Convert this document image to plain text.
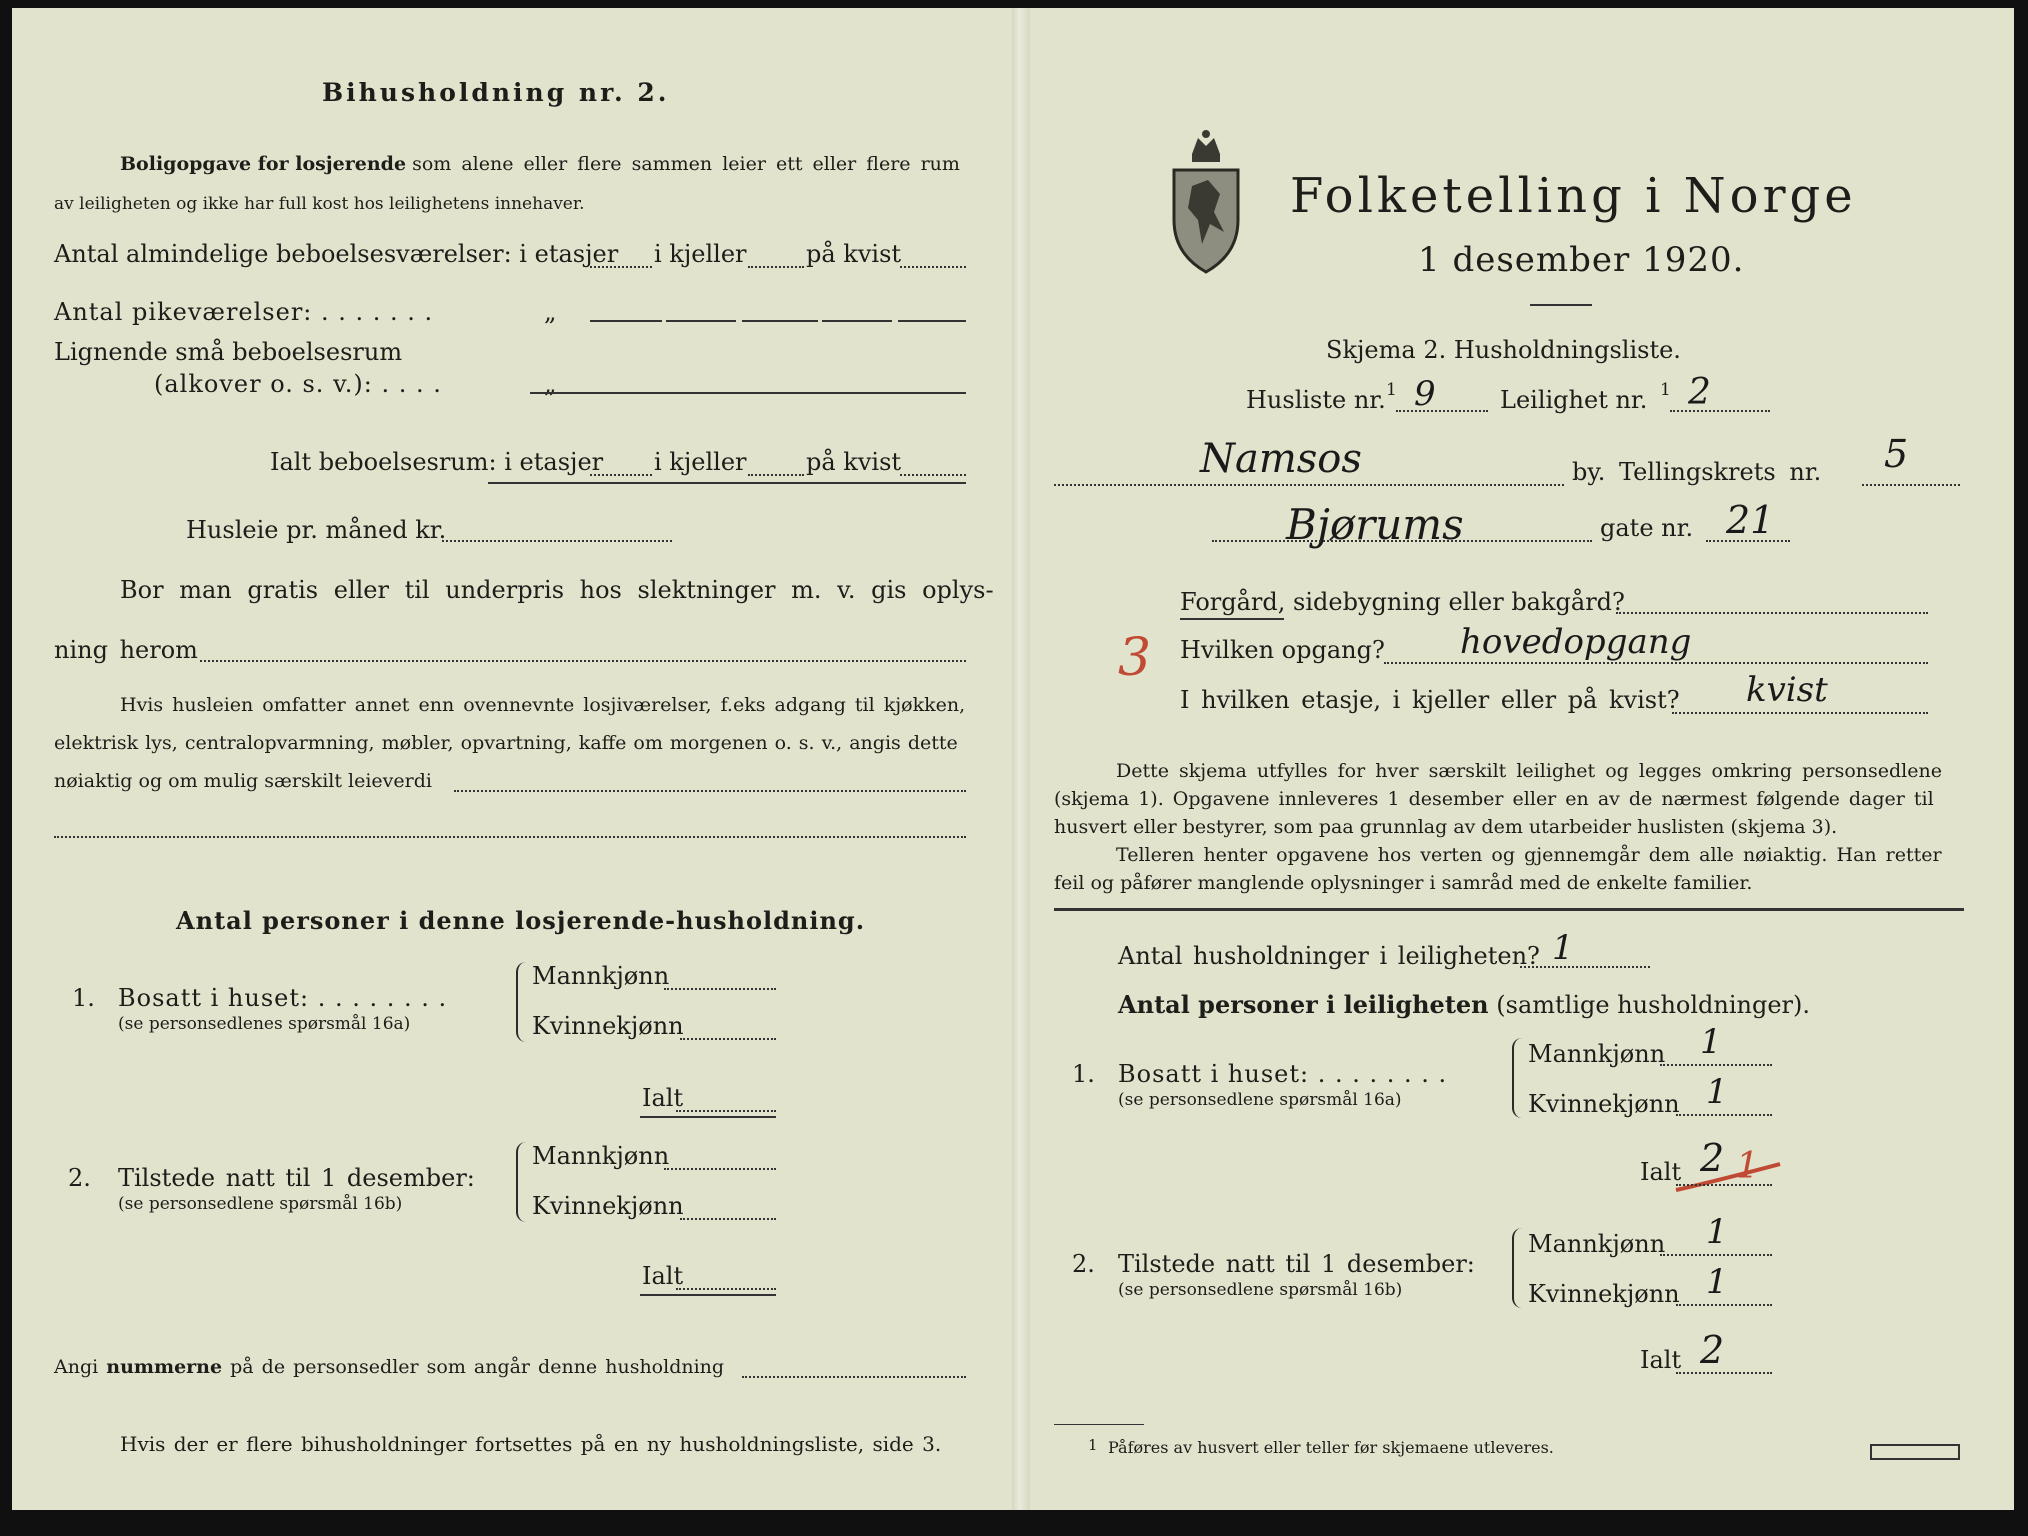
Bihusholdning nr. 2.
Boligopgave for losjerende som alene eller flere sammen leier ett eller flere rum
av leiligheten og ikke har full kost hos leilighetens innehaver.
Antal almindelige beboelsesværelser: i etasjer i kjeller på kvist
Antal pikeværelser: . . . . . . .	„
Lignende små beboelsesrum
(alkover o. s. v.): . . . .	„
Ialt beboelsesrum: i etasjer i kjeller på kvist
Husleie pr. måned kr.
Bor man gratis eller til underpris hos slektninger m. v. gis oplys-
ning herom
Hvis husleien omfatter annet enn ovennevnte losjiværelser, f.eks adgang til kjøkken,
elektrisk lys, centralopvarmning, møbler, opvartning, kaffe om morgenen o. s. v., angis dette
nøiaktig og om mulig særskilt leieverdi
Antal personer i denne losjerende-husholdning.
1. Bosatt i huset: . . . . . . . .
(se personsedlenes spørsmål 16a)
Mannkjønn
Kvinnekjønn
Ialt
2. Tilstede natt til 1 desember:
(se personsedlene spørsmål 16b)
Mannkjønn
Kvinnekjønn
Ialt
Angi nummerne på de personsedler som angår denne husholdning
Hvis der er flere bihusholdninger fortsettes på en ny husholdningsliste, side 3.
Folketelling i Norge
1 desember 1920.
Skjema 2. Husholdningsliste.
Husliste nr. 1 9	Leilighet nr. 1 2
Namsos	by. Tellingskrets nr. 5
Bjørums	gate nr. 21
Forgård, sidebygning eller bakgård?
3 Hvilken opgang? hovedopgang
I hvilken etasje, i kjeller eller på kvist? kvist
Dette skjema utfylles for hver særskilt leilighet og legges omkring personsedlene
(skjema 1). Opgavene innleveres 1 desember eller en av de nærmest følgende dager til
husvert eller bestyrer, som paa grunnlag av dem utarbeider huslisten (skjema 3).
Telleren henter opgavene hos verten og gjennemgår dem alle nøiaktig. Han retter
feil og påfører manglende oplysninger i samråd med de enkelte familier.
Antal husholdninger i leiligheten? 1
Antal personer i leiligheten (samtlige husholdninger).
1. Bosatt i huset: . . . . . . . .
(se personsedlene spørsmål 16a)
Mannkjønn 1
Kvinnekjønn 1
Ialt 2 1
2. Tilstede natt til 1 desember:
(se personsedlene spørsmål 16b)
Mannkjønn 1
Kvinnekjønn 1
Ialt 2
1 Påføres av husvert eller teller før skjemaene utleveres.
